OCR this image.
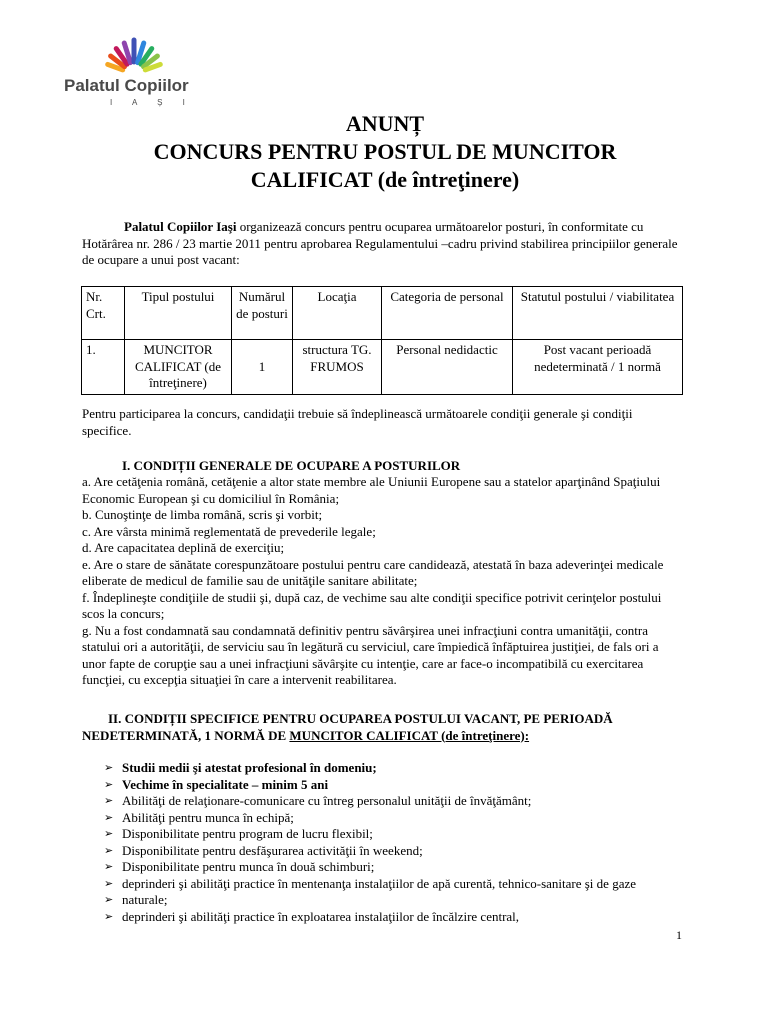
Palatul Copiilor
I A Ș I
ANUNȚ
CONCURS PENTRU POSTUL DE MUNCITOR
CALIFICAT (de întreţinere)
Palatul Copiilor Iaşi organizează concurs pentru ocuparea următoarelor posturi, în conformitate cu Hotărârea nr. 286 / 23 martie 2011 pentru aprobarea Regulamentului –cadru privind stabilirea principiilor generale de ocupare a unui post vacant:
Nr. Crt.	Tipul postului	Numărul de posturi	Locaţia	Categoria de personal	Statutul postului / viabilitatea
1.	MUNCITOR CALIFICAT (de întreţinere)	1	structura TG. FRUMOS	Personal nedidactic	Post vacant perioadă nedeterminată / 1 normă
Pentru participarea la concurs, candidaţii trebuie să îndeplinească următoarele condiţii generale şi condiţii specifice.
I. CONDIȚII GENERALE DE OCUPARE A POSTURILOR
a. Are cetăţenia română, cetăţenie a altor state membre ale Uniunii Europene sau a statelor aparţinând Spaţiului Economic European şi cu domiciliul în România;
b. Cunoştinţe de limba română, scris şi vorbit;
c. Are vârsta minimă reglementată de prevederile legale;
d. Are capacitatea deplină de exerciţiu;
e. Are o stare de sănătate corespunzătoare postului pentru care candidează, atestată în baza adeverinţei medicale eliberate de medicul de familie sau de unităţile sanitare abilitate;
f. Îndeplineşte condiţiile de studii şi, după caz, de vechime sau alte condiţii specifice potrivit cerinţelor postului scos la concurs;
g. Nu a fost condamnată sau condamnată definitiv pentru săvârşirea unei infracţiuni contra umanităţii, contra statului ori a autorităţii, de serviciu sau în legătură cu serviciul, care împiedică înfăptuirea justiţiei, de fals ori a unor fapte de corupţie sau a unei infracţiuni săvârşite cu intenţie, care ar face-o incompatibilă cu exercitarea funcţiei, cu excepţia situaţiei în care a intervenit reabilitarea.
II. CONDIȚII SPECIFICE PENTRU OCUPAREA POSTULUI VACANT, PE PERIOADĂ NEDETERMINATĂ, 1 NORMĂ DE MUNCITOR CALIFICAT (de întreţinere):
➢ Studii medii şi atestat profesional în domeniu;
➢ Vechime în specialitate – minim 5 ani
➢ Abilităţi de relaţionare-comunicare cu întreg personalul unităţii de învăţământ;
➢ Abilităţi pentru munca în echipă;
➢ Disponibilitate pentru program de lucru flexibil;
➢ Disponibilitate pentru desfăşurarea activităţii în weekend;
➢ Disponibilitate pentru munca în două schimburi;
➢ deprinderi şi abilităţi practice în mentenanţa instalaţiilor de apă curentă, tehnico-sanitare şi de gaze
➢ naturale;
➢ deprinderi şi abilităţi practice în exploatarea instalaţiilor de încălzire central,
1
